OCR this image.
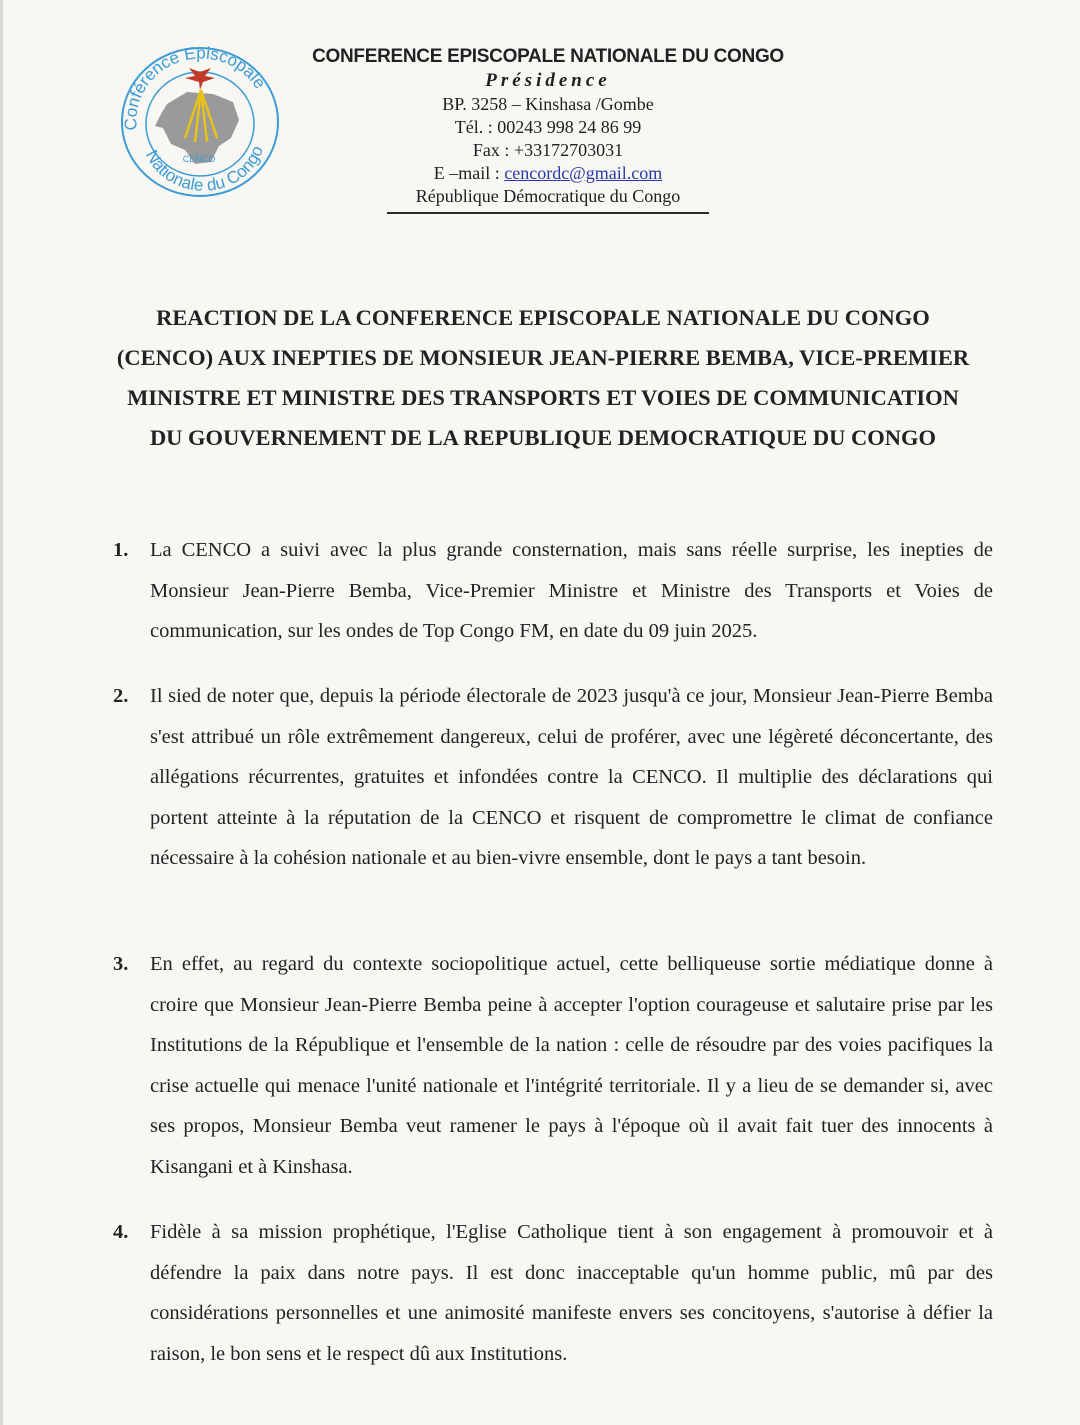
Conférence Episcopale
Nationale du Congo
CENCO

CONFERENCE EPISCOPALE NATIONALE DU CONGO

Présidence

BP. 3258 – Kinshasa /Gombe

Tél. : 00243 998 24 86 99

Fax : +33172703031

E –mail : cencordc@gmail.com

République Démocratique du Congo

REACTION DE LA CONFERENCE EPISCOPALE NATIONALE DU CONGO
(CENCO) AUX INEPTIES DE MONSIEUR JEAN-PIERRE BEMBA, VICE-PREMIER
MINISTRE ET MINISTRE DES TRANSPORTS ET VOIES DE COMMUNICATION
DU GOUVERNEMENT DE LA REPUBLIQUE DEMOCRATIQUE DU CONGO
1.	La CENCO a suivi avec la plus grande consternation, mais sans réelle surprise, les inepties de Monsieur Jean-Pierre Bemba, Vice-Premier Ministre et Ministre des Transports et Voies de communication, sur les ondes de Top Congo FM, en date du 09 juin 2025.
2.	Il sied de noter que, depuis la période électorale de 2023 jusqu'à ce jour, Monsieur Jean-Pierre Bemba s'est attribué un rôle extrêmement dangereux, celui de proférer, avec une légèreté déconcertante, des allégations récurrentes, gratuites et infondées contre la CENCO. Il multiplie des déclarations qui portent atteinte à la réputation de la CENCO et risquent de compromettre le climat de confiance nécessaire à la cohésion nationale et au bien-vivre ensemble, dont le pays a tant besoin.
3.	En effet, au regard du contexte sociopolitique actuel, cette belliqueuse sortie médiatique donne à croire que Monsieur Jean-Pierre Bemba peine à accepter l'option courageuse et salutaire prise par les Institutions de la République et l'ensemble de la nation : celle de résoudre par des voies pacifiques la crise actuelle qui menace l'unité nationale et l'intégrité territoriale. Il y a lieu de se demander si, avec ses propos, Monsieur Bemba veut ramener le pays à l'époque où il avait fait tuer des innocents à Kisangani et à Kinshasa.
4.	Fidèle à sa mission prophétique, l'Eglise Catholique tient à son engagement à promouvoir et à défendre la paix dans notre pays. Il est donc inacceptable qu'un homme public, mû par des considérations personnelles et une animosité manifeste envers ses concitoyens, s'autorise à défier la raison, le bon sens et le respect dû aux Institutions.
